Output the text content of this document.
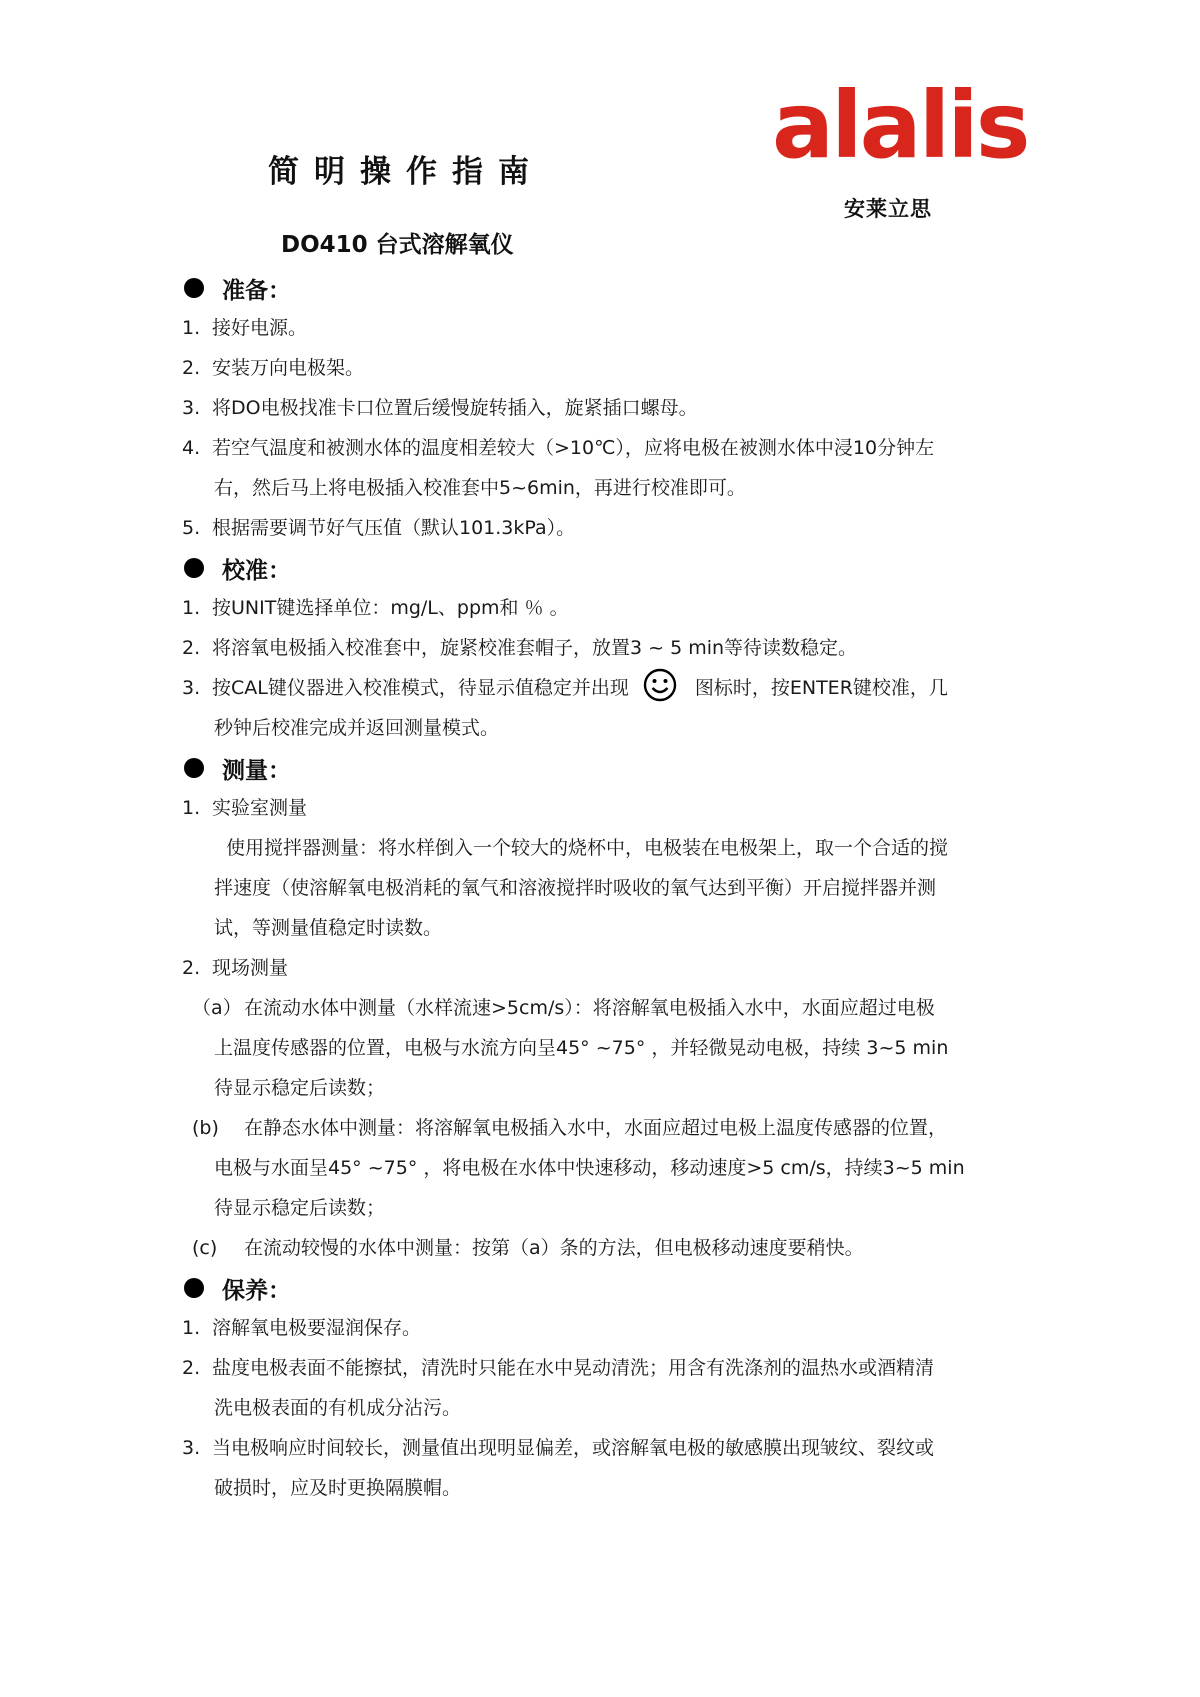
简明操作指南
DO410 台式溶解氧仪
alalis
安莱立思
准备：
1. 接好电源。
2. 安装万向电极架。
3. 将DO电极找准卡口位置后缓慢旋转插入，旋紧插口螺母。
4. 若空气温度和被测水体的温度相差较大（>10℃），应将电极在被测水体中浸10分钟左
右，然后马上将电极插入校准套中5~6min，再进行校准即可。
5. 根据需要调节好气压值（默认101.3kPa）。
校准：
1. 按UNIT键选择单位：mg/L、ppm和 ％ 。
2. 将溶氧电极插入校准套中，旋紧校准套帽子，放置3 ~ 5 min等待读数稳定。
3. 按CAL键仪器进入校准模式，待显示值稳定并出现	图标时，按ENTER键校准，几
秒钟后校准完成并返回测量模式。
测量：
1. 实验室测量
使用搅拌器测量：将水样倒入一个较大的烧杯中，电极装在电极架上，取一个合适的搅
拌速度（使溶解氧电极消耗的氧气和溶液搅拌时吸收的氧气达到平衡）开启搅拌器并测
试，等测量值稳定时读数。
2. 现场测量
（a） 在流动水体中测量（水样流速>5cm/s）：将溶解氧电极插入水中，水面应超过电极
上温度传感器的位置，电极与水流方向呈45° ~75° ，并轻微晃动电极，持续 3~5 min
待显示稳定后读数；
(b) 在静态水体中测量：将溶解氧电极插入水中，水面应超过电极上温度传感器的位置，
电极与水面呈45° ~75° ，将电极在水体中快速移动，移动速度>5 cm/s，持续3~5 min
待显示稳定后读数；
(c) 在流动较慢的水体中测量：按第（a）条的方法，但电极移动速度要稍快。
保养：
1. 溶解氧电极要湿润保存。
2. 盐度电极表面不能擦拭，清洗时只能在水中晃动清洗；用含有洗涤剂的温热水或酒精清
洗电极表面的有机成分沾污。
3. 当电极响应时间较长，测量值出现明显偏差，或溶解氧电极的敏感膜出现皱纹、裂纹或
破损时，应及时更换隔膜帽。
